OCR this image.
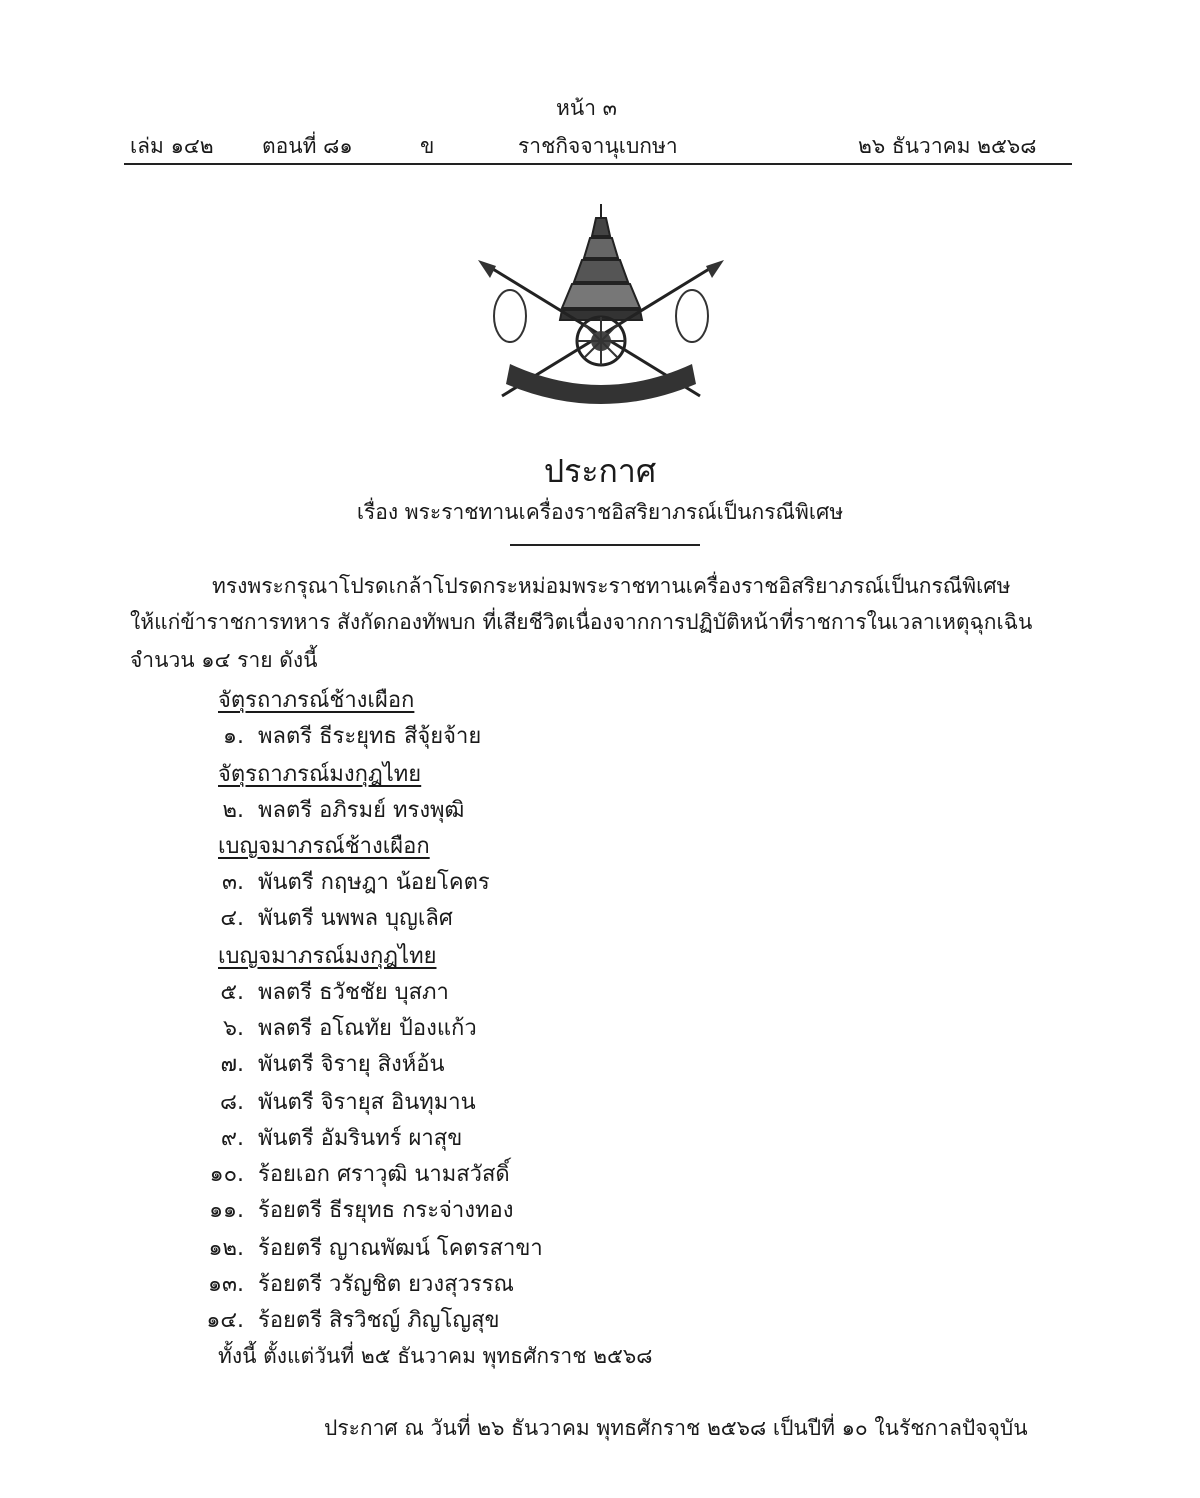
หน้า ๓
เล่ม ๑๔๒ ตอนที่ ๘๑	ข	ราชกิจจานุเบกษา	๒๖ ธันวาคม ๒๕๖๘
ประกาศ
เรื่อง พระราชทานเครื่องราชอิสริยาภรณ์เป็นกรณีพิเศษ
ทรงพระกรุณาโปรดเกล้าโปรดกระหม่อมพระราชทานเครื่องราชอิสริยาภรณ์เป็นกรณีพิเศษ
ให้แก่ข้าราชการทหาร สังกัดกองทัพบก ที่เสียชีวิตเนื่องจากการปฏิบัติหน้าที่ราชการในเวลาเหตุฉุกเฉิน
จำนวน ๑๔ ราย ดังนี้
จัตุรถาภรณ์ช้างเผือก
๑. พลตรี ธีระยุทธ สีจุ้ยจ้าย
จัตุรถาภรณ์มงกุฎไทย
๒. พลตรี อภิรมย์ ทรงพุฒิ
เบญจมาภรณ์ช้างเผือก
๓. พันตรี กฤษฎา น้อยโคตร
๔. พันตรี นพพล บุญเลิศ
เบญจมาภรณ์มงกุฎไทย
๕. พลตรี ธวัชชัย บุสภา
๖. พลตรี อโณทัย ป้องแก้ว
๗. พันตรี จิรายุ สิงห์อ้น
๘. พันตรี จิรายุส อินทุมาน
๙. พันตรี อัมรินทร์ ผาสุข
๑๐. ร้อยเอก ศราวุฒิ นามสวัสดิ์
๑๑. ร้อยตรี ธีรยุทธ กระจ่างทอง
๑๒. ร้อยตรี ญาณพัฒน์ โคตรสาขา
๑๓. ร้อยตรี วรัญชิต ยวงสุวรรณ
๑๔. ร้อยตรี สิรวิชญ์ ภิญโญสุข
ทั้งนี้ ตั้งแต่วันที่ ๒๕ ธันวาคม พุทธศักราช ๒๕๖๘
ประกาศ ณ วันที่ ๒๖ ธันวาคม พุทธศักราช ๒๕๖๘ เป็นปีที่ ๑๐ ในรัชกาลปัจจุบัน
